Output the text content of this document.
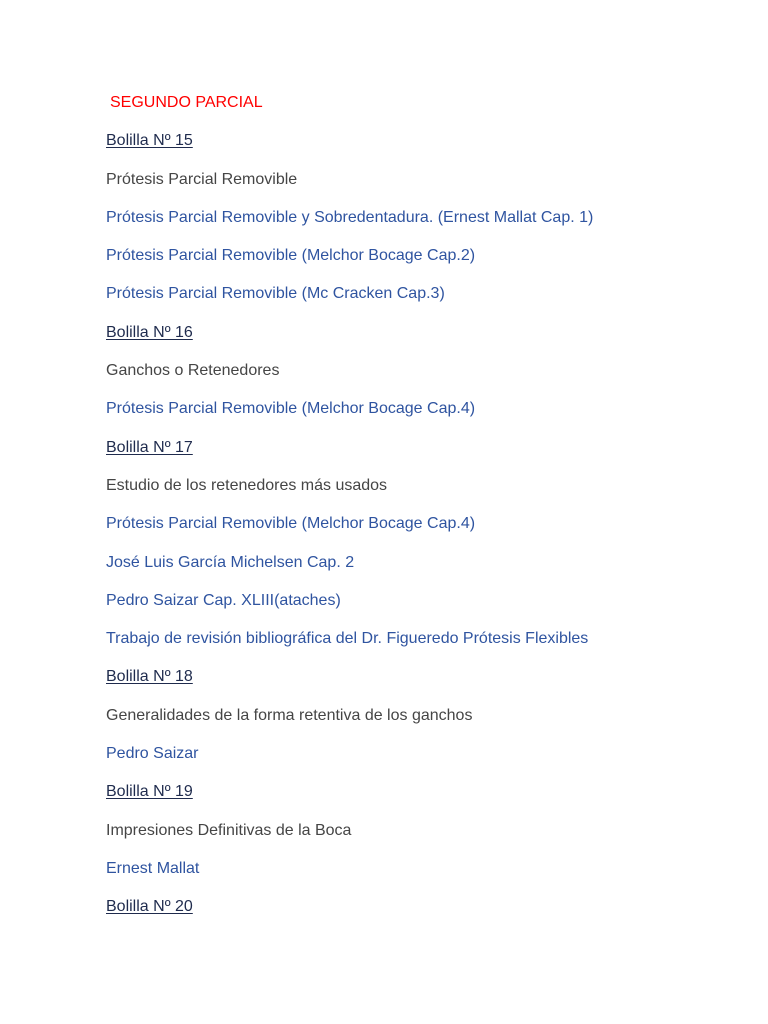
SEGUNDO PARCIAL
Bolilla Nº 15
Prótesis Parcial Removible
Prótesis Parcial Removible y Sobredentadura. (Ernest Mallat Cap. 1)
Prótesis Parcial Removible (Melchor Bocage Cap.2)
Prótesis Parcial Removible (Mc Cracken Cap.3)
Bolilla Nº 16
Ganchos o Retenedores
Prótesis Parcial Removible (Melchor Bocage Cap.4)
Bolilla Nº 17
Estudio de los retenedores más usados
Prótesis Parcial Removible (Melchor Bocage Cap.4)
José Luis García Michelsen Cap. 2
Pedro Saizar Cap. XLIII(ataches)
Trabajo de revisión bibliográfica del Dr. Figueredo Prótesis Flexibles
Bolilla Nº 18
Generalidades de la forma retentiva de los ganchos
Pedro Saizar
Bolilla Nº 19
Impresiones Definitivas de la Boca
Ernest Mallat
Bolilla Nº 20
